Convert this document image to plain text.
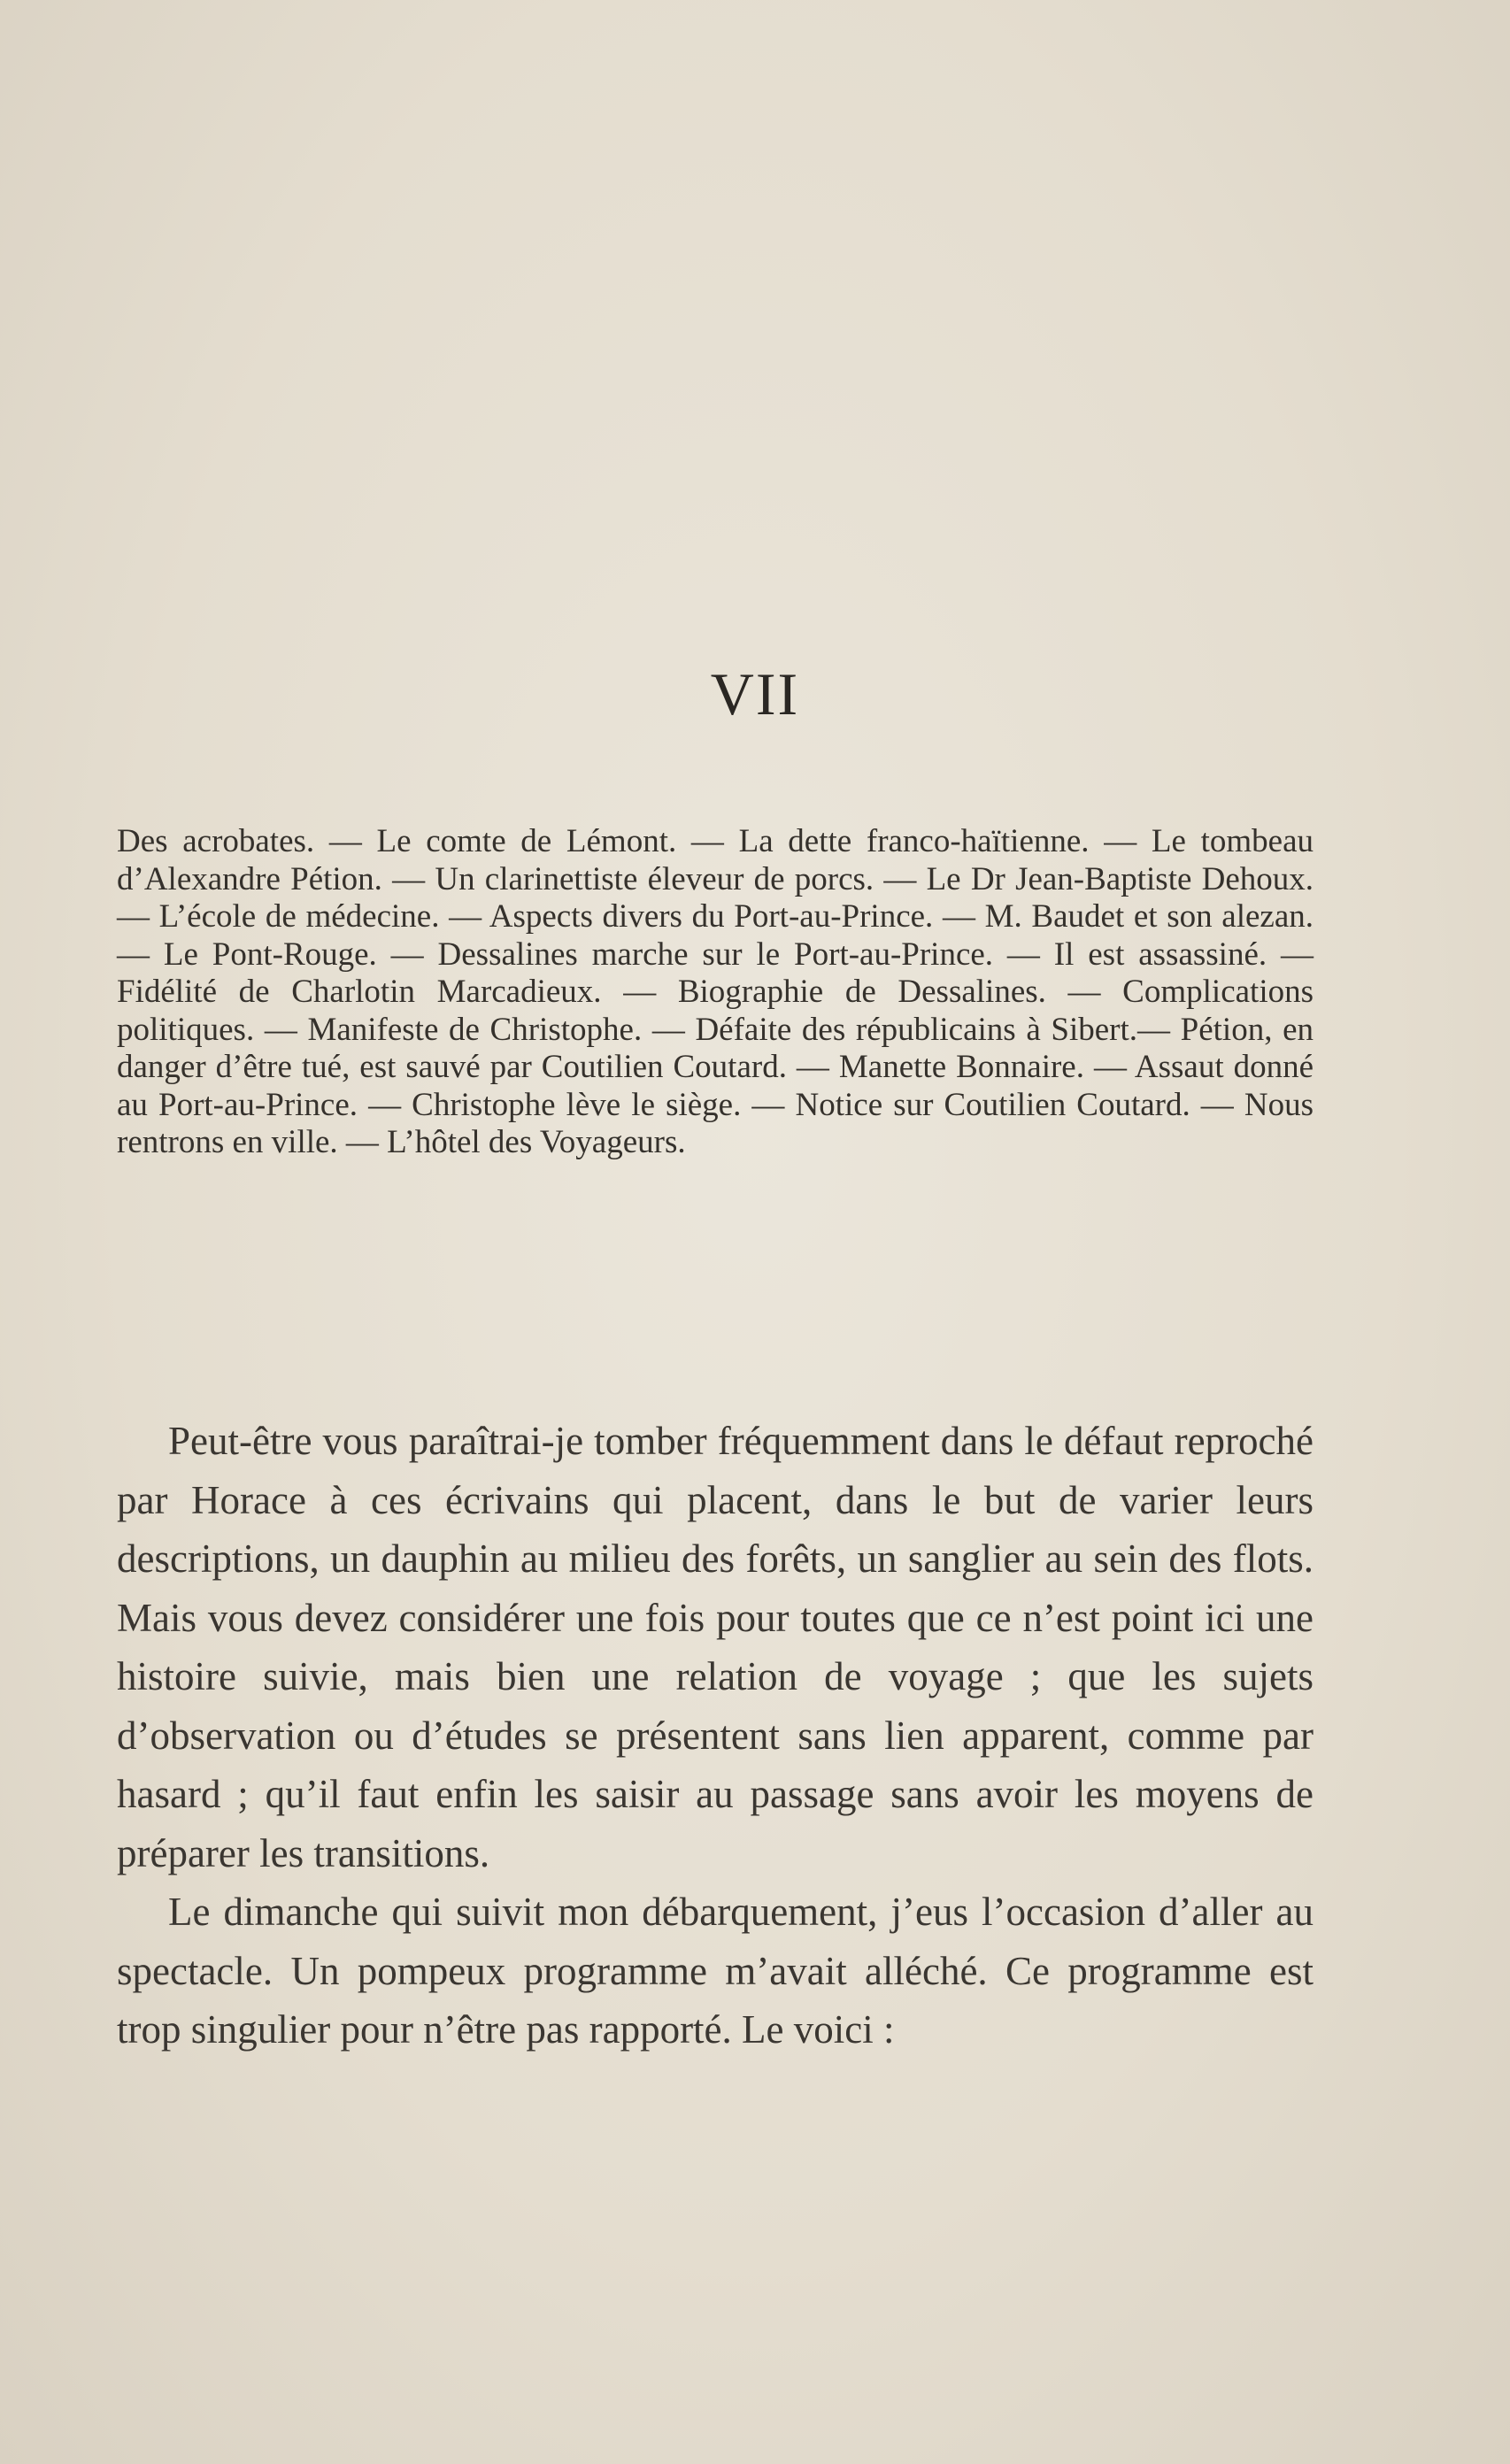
VII

Des acrobates. — Le comte de Lémont. — La dette franco-haïtienne. — Le tombeau d’Alexandre Pétion. — Un clarinettiste éleveur de porcs. — Le Dr Jean-Baptiste Dehoux. — L’école de médecine. — Aspects divers du Port-au-Prince. — M. Baudet et son alezan. — Le Pont-Rouge. — Dessalines marche sur le Port-au-Prince. — Il est assassiné. — Fidélité de Charlotin Marcadieux. — Biographie de Dessalines. — Complications politiques. — Manifeste de Christophe. — Défaite des républicains à Sibert.— Pétion, en danger d’être tué, est sauvé par Coutilien Coutard. — Manette Bonnaire. — Assaut donné au Port-au-Prince. — Christophe lève le siège. — Notice sur Coutilien Coutard. — Nous rentrons en ville. — L’hôtel des Voyageurs.

Peut-être vous paraîtrai-je tomber fréquemment dans le défaut reproché par Horace à ces écrivains qui placent, dans le but de varier leurs descriptions, un dauphin au milieu des forêts, un sanglier au sein des flots. Mais vous devez considérer une fois pour toutes que ce n’est point ici une histoire suivie, mais bien une relation de voyage ; que les sujets d’observation ou d’études se présentent sans lien apparent, comme par hasard ; qu’il faut enfin les saisir au passage sans avoir les moyens de préparer les transitions.

Le dimanche qui suivit mon débarquement, j’eus l’occasion d’aller au spectacle. Un pompeux programme m’avait alléché. Ce programme est trop singulier pour n’être pas rapporté. Le voici :
